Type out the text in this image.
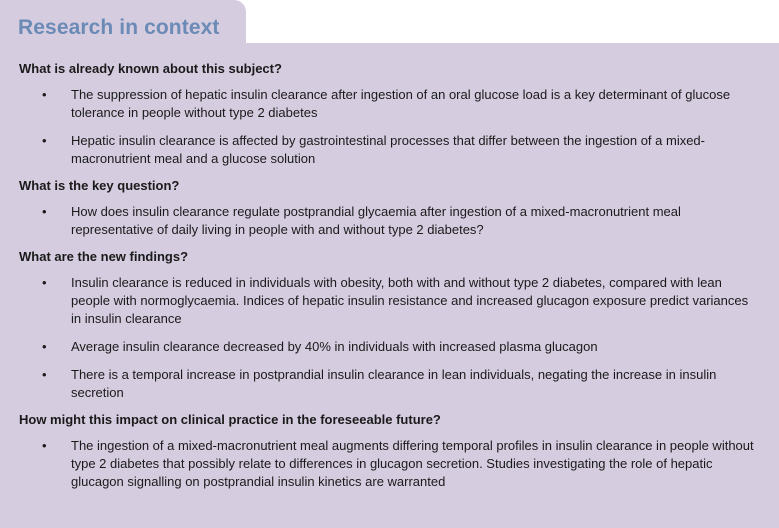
Research in context
What is already known about this subject?
• The suppression of hepatic insulin clearance after ingestion of an oral glucose load is a key determinant of glucose tolerance in people without type 2 diabetes
• Hepatic insulin clearance is affected by gastrointestinal processes that differ between the ingestion of a mixed-macronutrient meal and a glucose solution
What is the key question?
• How does insulin clearance regulate postprandial glycaemia after ingestion of a mixed-macronutrient meal representative of daily living in people with and without type 2 diabetes?
What are the new findings?
• Insulin clearance is reduced in individuals with obesity, both with and without type 2 diabetes, compared with lean people with normoglycaemia. Indices of hepatic insulin resistance and increased glucagon exposure predict variances in insulin clearance
• Average insulin clearance decreased by 40% in individuals with increased plasma glucagon
• There is a temporal increase in postprandial insulin clearance in lean individuals, negating the increase in insulin secretion
How might this impact on clinical practice in the foreseeable future?
• The ingestion of a mixed-macronutrient meal augments differing temporal profiles in insulin clearance in people without type 2 diabetes that possibly relate to differences in glucagon secretion. Studies investigating the role of hepatic glucagon signalling on postprandial insulin kinetics are warranted
